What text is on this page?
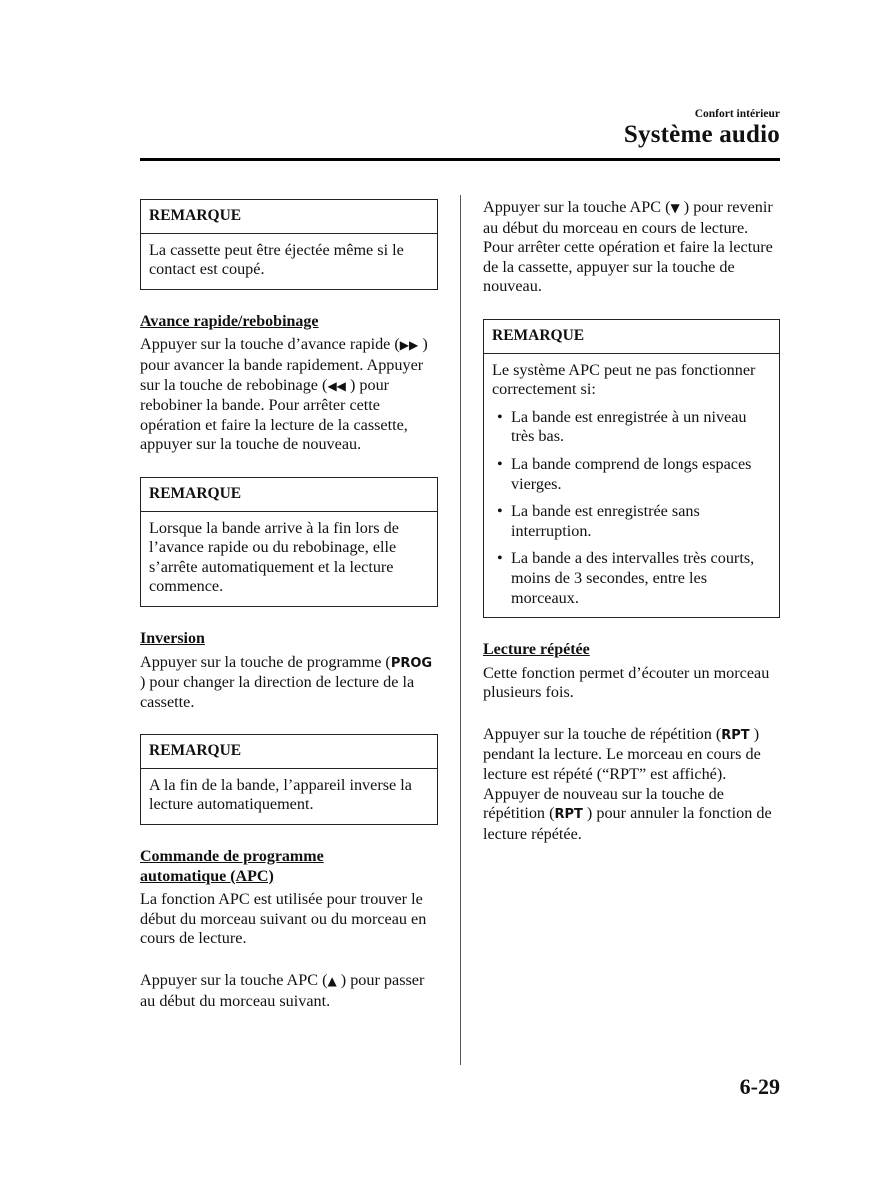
Confort intérieur
Système audio
REMARQUE
La cassette peut être éjectée même si le contact est coupé.
Avance rapide/rebobinage

Appuyer sur la touche d’avance rapide (▶▶ ) pour avancer la bande rapidement. Appuyer sur la touche de rebobinage (◀◀ ) pour rebobiner la bande. Pour arrêter cette opération et faire la lecture de la cassette, appuyer sur la touche de nouveau.

REMARQUE
Lorsque la bande arrive à la fin lors de l’avance rapide ou du rebobinage, elle s’arrête automatiquement et la lecture commence.
Inversion

Appuyer sur la touche de programme (PROG ) pour changer la direction de lecture de la cassette.

REMARQUE
A la fin de la bande, l’appareil inverse la lecture automatiquement.
Commande de programme
automatique (APC)

La fonction APC est utilisée pour trouver le début du morceau suivant ou du morceau en cours de lecture.

Appuyer sur la touche APC (▲ ) pour passer au début du morceau suivant.

Appuyer sur la touche APC (▼ ) pour revenir au début du morceau en cours de lecture. Pour arrêter cette opération et faire la lecture de la cassette, appuyer sur la touche de nouveau.

REMARQUE
Le système APC peut ne pas fonctionner correctement si:
• La bande est enregistrée à un niveau très bas.
• La bande comprend de longs espaces vierges.
• La bande est enregistrée sans interruption.
• La bande a des intervalles très courts, moins de 3 secondes, entre les morceaux.
Lecture répétée

Cette fonction permet d’écouter un morceau plusieurs fois.

Appuyer sur la touche de répétition (RPT ) pendant la lecture. Le morceau en cours de lecture est répété (“RPT” est affiché). Appuyer de nouveau sur la touche de répétition (RPT ) pour annuler la fonction de lecture répétée.

6-29
